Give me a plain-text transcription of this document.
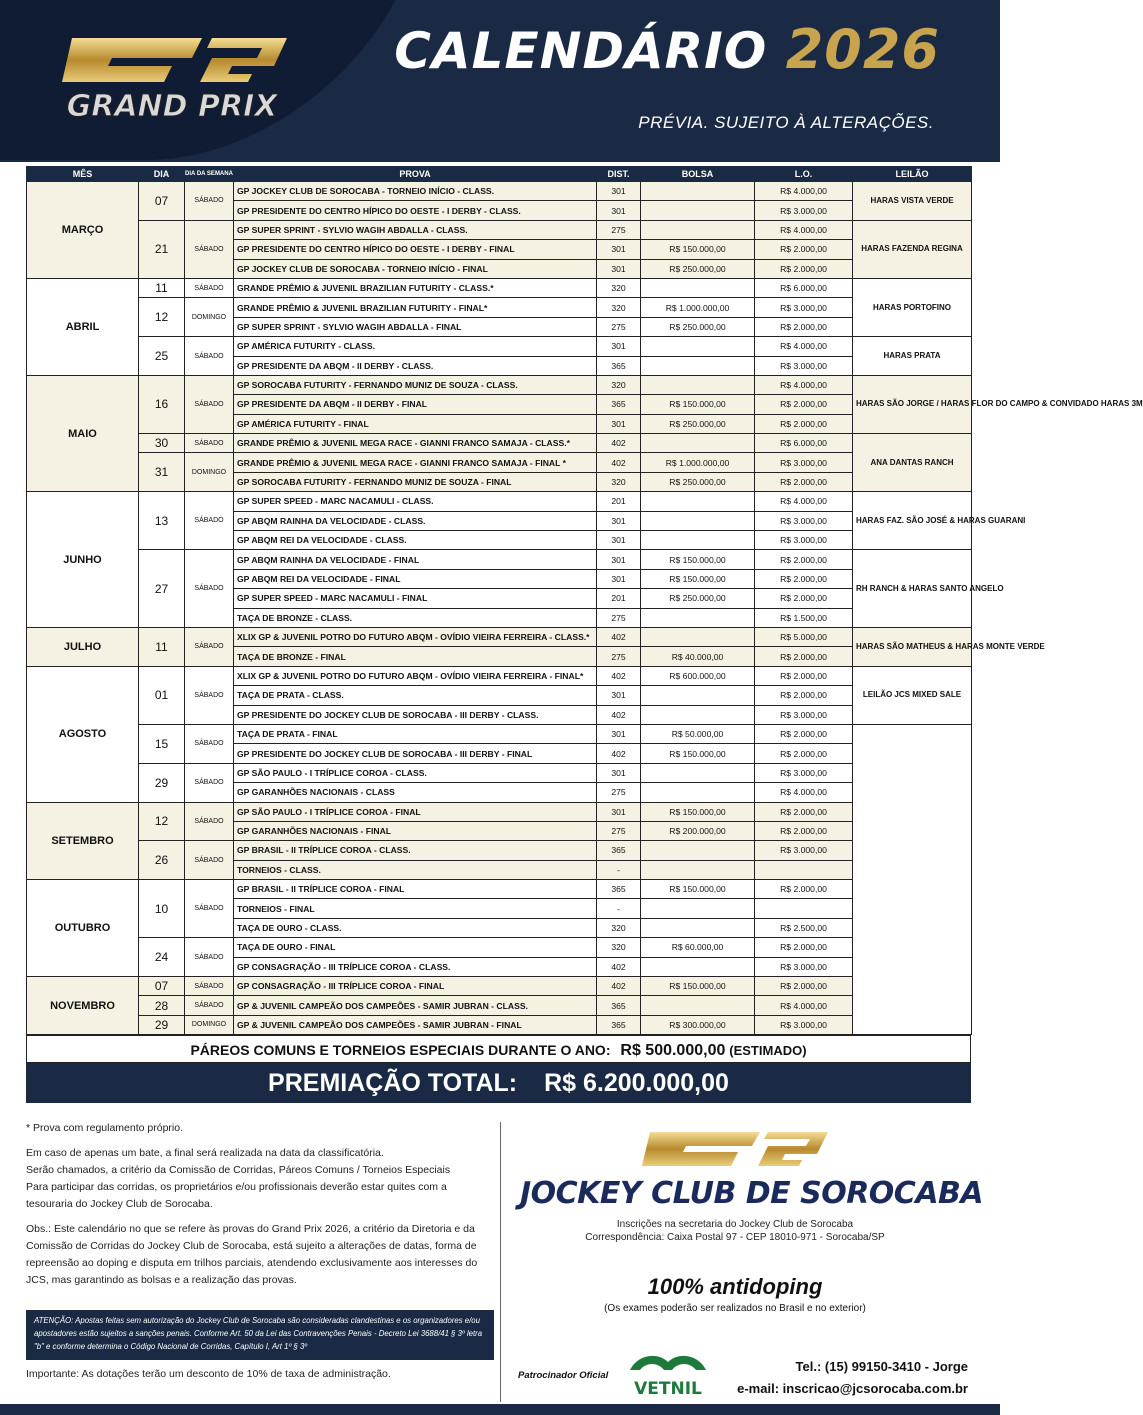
GRAND PRIX
CALENDÁRIO 2026
PRÉVIA. SUJEITO À ALTERAÇÕES.
MÊS	DIA	DIA DA SEMANA	PROVA	DIST.	BOLSA	L.O.	LEILÃO
MARÇO	07	SÁBADO	GP JOCKEY CLUB DE SOROCABA - TORNEIO INÍCIO - CLASS.	301		R$ 4.000,00	HARAS VISTA VERDE
			GP PRESIDENTE DO CENTRO HÍPICO DO OESTE - I DERBY - CLASS.	301		R$ 3.000,00	
	21	SÁBADO	GP SUPER SPRINT - SYLVIO WAGIH ABDALLA - CLASS.	275		R$ 4.000,00	HARAS FAZENDA REGINA
			GP PRESIDENTE DO CENTRO HÍPICO DO OESTE - I DERBY - FINAL	301	R$ 150.000,00	R$ 2.000,00	
			GP JOCKEY CLUB DE SOROCABA - TORNEIO INÍCIO - FINAL	301	R$ 250.000,00	R$ 2.000,00	
ABRIL	11	SÁBADO	GRANDE PRÊMIO & JUVENIL BRAZILIAN FUTURITY - CLASS.*	320		R$ 6.000,00	HARAS PORTOFINO
	12	DOMINGO	GRANDE PRÊMIO & JUVENIL BRAZILIAN FUTURITY - FINAL*	320	R$ 1.000.000,00	R$ 3.000,00	
			GP SUPER SPRINT - SYLVIO WAGIH ABDALLA - FINAL	275	R$ 250.000,00	R$ 2.000,00	
	25	SÁBADO	GP AMÉRICA FUTURITY - CLASS.	301		R$ 4.000,00	HARAS PRATA
			GP PRESIDENTE DA ABQM - II DERBY - CLASS.	365		R$ 3.000,00	
MAIO	16	SÁBADO	GP SOROCABA FUTURITY - FERNANDO MUNIZ DE SOUZA - CLASS.	320		R$ 4.000,00	HARAS SÃO JORGE / HARAS FLOR DO CAMPO & CONVIDADO HARAS 3M
			GP PRESIDENTE DA ABQM - II DERBY - FINAL	365	R$ 150.000,00	R$ 2.000,00	
			GP AMÉRICA FUTURITY - FINAL	301	R$ 250.000,00	R$ 2.000,00	
	30	SÁBADO	GRANDE PRÊMIO & JUVENIL MEGA RACE - GIANNI FRANCO SAMAJA - CLASS.*	402		R$ 6.000,00	ANA DANTAS RANCH
	31	DOMINGO	GRANDE PRÊMIO & JUVENIL MEGA RACE - GIANNI FRANCO SAMAJA - FINAL *	402	R$ 1.000.000,00	R$ 3.000,00	
			GP SOROCABA FUTURITY - FERNANDO MUNIZ DE SOUZA - FINAL	320	R$ 250.000,00	R$ 2.000,00	
JUNHO	13	SÁBADO	GP SUPER SPEED - MARC NACAMULI - CLASS.	201		R$ 4.000,00	HARAS FAZ. SÃO JOSÉ & HARAS GUARANI
			GP ABQM RAINHA DA VELOCIDADE - CLASS.	301		R$ 3.000,00	
			GP ABQM REI DA VELOCIDADE - CLASS.	301		R$ 3.000,00	
	27	SÁBADO	GP ABQM RAINHA DA VELOCIDADE - FINAL	301	R$ 150.000,00	R$ 2.000,00	RH RANCH & HARAS SANTO ANGELO
			GP ABQM REI DA VELOCIDADE - FINAL	301	R$ 150.000,00	R$ 2.000,00	
			GP SUPER SPEED - MARC NACAMULI - FINAL	201	R$ 250.000,00	R$ 2.000,00	
			TAÇA DE BRONZE - CLASS.	275		R$ 1.500,00	
JULHO	11	SÁBADO	XLIX GP & JUVENIL POTRO DO FUTURO ABQM - OVÍDIO VIEIRA FERREIRA - CLASS.*	402		R$ 5.000,00	HARAS SÃO MATHEUS & HARAS MONTE VERDE
			TAÇA DE BRONZE - FINAL	275	R$ 40.000,00	R$ 2.000,00	
AGOSTO	01	SÁBADO	XLIX GP & JUVENIL POTRO DO FUTURO ABQM - OVÍDIO VIEIRA FERREIRA - FINAL*	402	R$ 600.000,00	R$ 2.000,00	LEILÃO JCS MIXED SALE
			TAÇA DE PRATA - CLASS.	301		R$ 2.000,00	
			GP PRESIDENTE DO JOCKEY CLUB DE SOROCABA - III DERBY - CLASS.	402		R$ 3.000,00	
	15	SÁBADO	TAÇA DE PRATA - FINAL	301	R$ 50.000,00	R$ 2.000,00	
			GP PRESIDENTE DO JOCKEY CLUB DE SOROCABA - III DERBY - FINAL	402	R$ 150.000,00	R$ 2.000,00	
	29	SÁBADO	GP SÃO PAULO - I TRÍPLICE COROA - CLASS.	301		R$ 3.000,00	
			GP GARANHÕES NACIONAIS - CLASS	275		R$ 4.000,00	
SETEMBRO	12	SÁBADO	GP SÃO PAULO - I TRÍPLICE COROA - FINAL	301	R$ 150.000,00	R$ 2.000,00	
			GP GARANHÕES NACIONAIS - FINAL	275	R$ 200.000,00	R$ 2.000,00	
	26	SÁBADO	GP BRASIL - II TRÍPLICE COROA - CLASS.	365		R$ 3.000,00	
			TORNEIOS - CLASS.	-			
OUTUBRO	10	SÁBADO	GP BRASIL - II TRÍPLICE COROA - FINAL	365	R$ 150.000,00	R$ 2.000,00	
			TORNEIOS - FINAL	-			
			TAÇA DE OURO - CLASS.	320		R$ 2.500,00	
	24	SÁBADO	TAÇA DE OURO - FINAL	320	R$ 60.000,00	R$ 2.000,00	
			GP CONSAGRAÇÃO - III TRÍPLICE COROA - CLASS.	402		R$ 3.000,00	
NOVEMBRO	07	SÁBADO	GP CONSAGRAÇÃO - III TRÍPLICE COROA - FINAL	402	R$ 150.000,00	R$ 2.000,00	
	28	SÁBADO	GP & JUVENIL CAMPEÃO DOS CAMPEÕES - SAMIR JUBRAN - CLASS.	365		R$ 4.000,00	
	29	DOMINGO	GP & JUVENIL CAMPEÃO DOS CAMPEÕES - SAMIR JUBRAN - FINAL	365	R$ 300.000,00	R$ 3.000,00	
PÁREOS COMUNS E TORNEIOS ESPECIAIS DURANTE O ANO: R$ 500.000,00 (ESTIMADO)
PREMIAÇÃO TOTAL: R$ 6.200.000,00

* Prova com regulamento próprio.

Em caso de apenas um bate, a final será realizada na data da classificatória.
Serão chamados, a critério da Comissão de Corridas, Páreos Comuns / Torneios Especiais
Para participar das corridas, os proprietários e/ou profissionais deverão estar quites com a tesouraria do Jockey Club de Sorocaba.

Obs.: Este calendário no que se refere às provas do Grand Prix 2026, a critério da Diretoria e da Comissão de Corridas do Jockey Club de Sorocaba, está sujeito a alterações de datas, forma de repreensão ao doping e disputa em trilhos parciais, atendendo exclusivamente aos interesses do JCS, mas garantindo as bolsas e a realização das provas.

ATENÇÃO: Apostas feitas sem autorização do Jockey Club de Sorocaba são consideradas clandestinas e os organizadores e/ou apostadores estão sujeitos a sanções penais. Conforme Art. 50 da Lei das Contravenções Penais - Decreto Lei 3688/41 § 3º letra "b" e conforme determina o Código Nacional de Corridas, Capítulo I, Art 1º § 3º
Importante: As dotações terão um desconto de 10% de taxa de administração.
JOCKEY CLUB DE SOROCABA
Inscrições na secretaria do Jockey Club de Sorocaba
Correspondência: Caixa Postal 97 - CEP 18010-971 - Sorocaba/SP
100% antidoping
(Os exames poderão ser realizados no Brasil e no exterior)
Patrocinador Oficial
VETNIL
Tel.: (15) 99150-3410 - Jorge
e-mail: inscricao@jcsorocaba.com.br
